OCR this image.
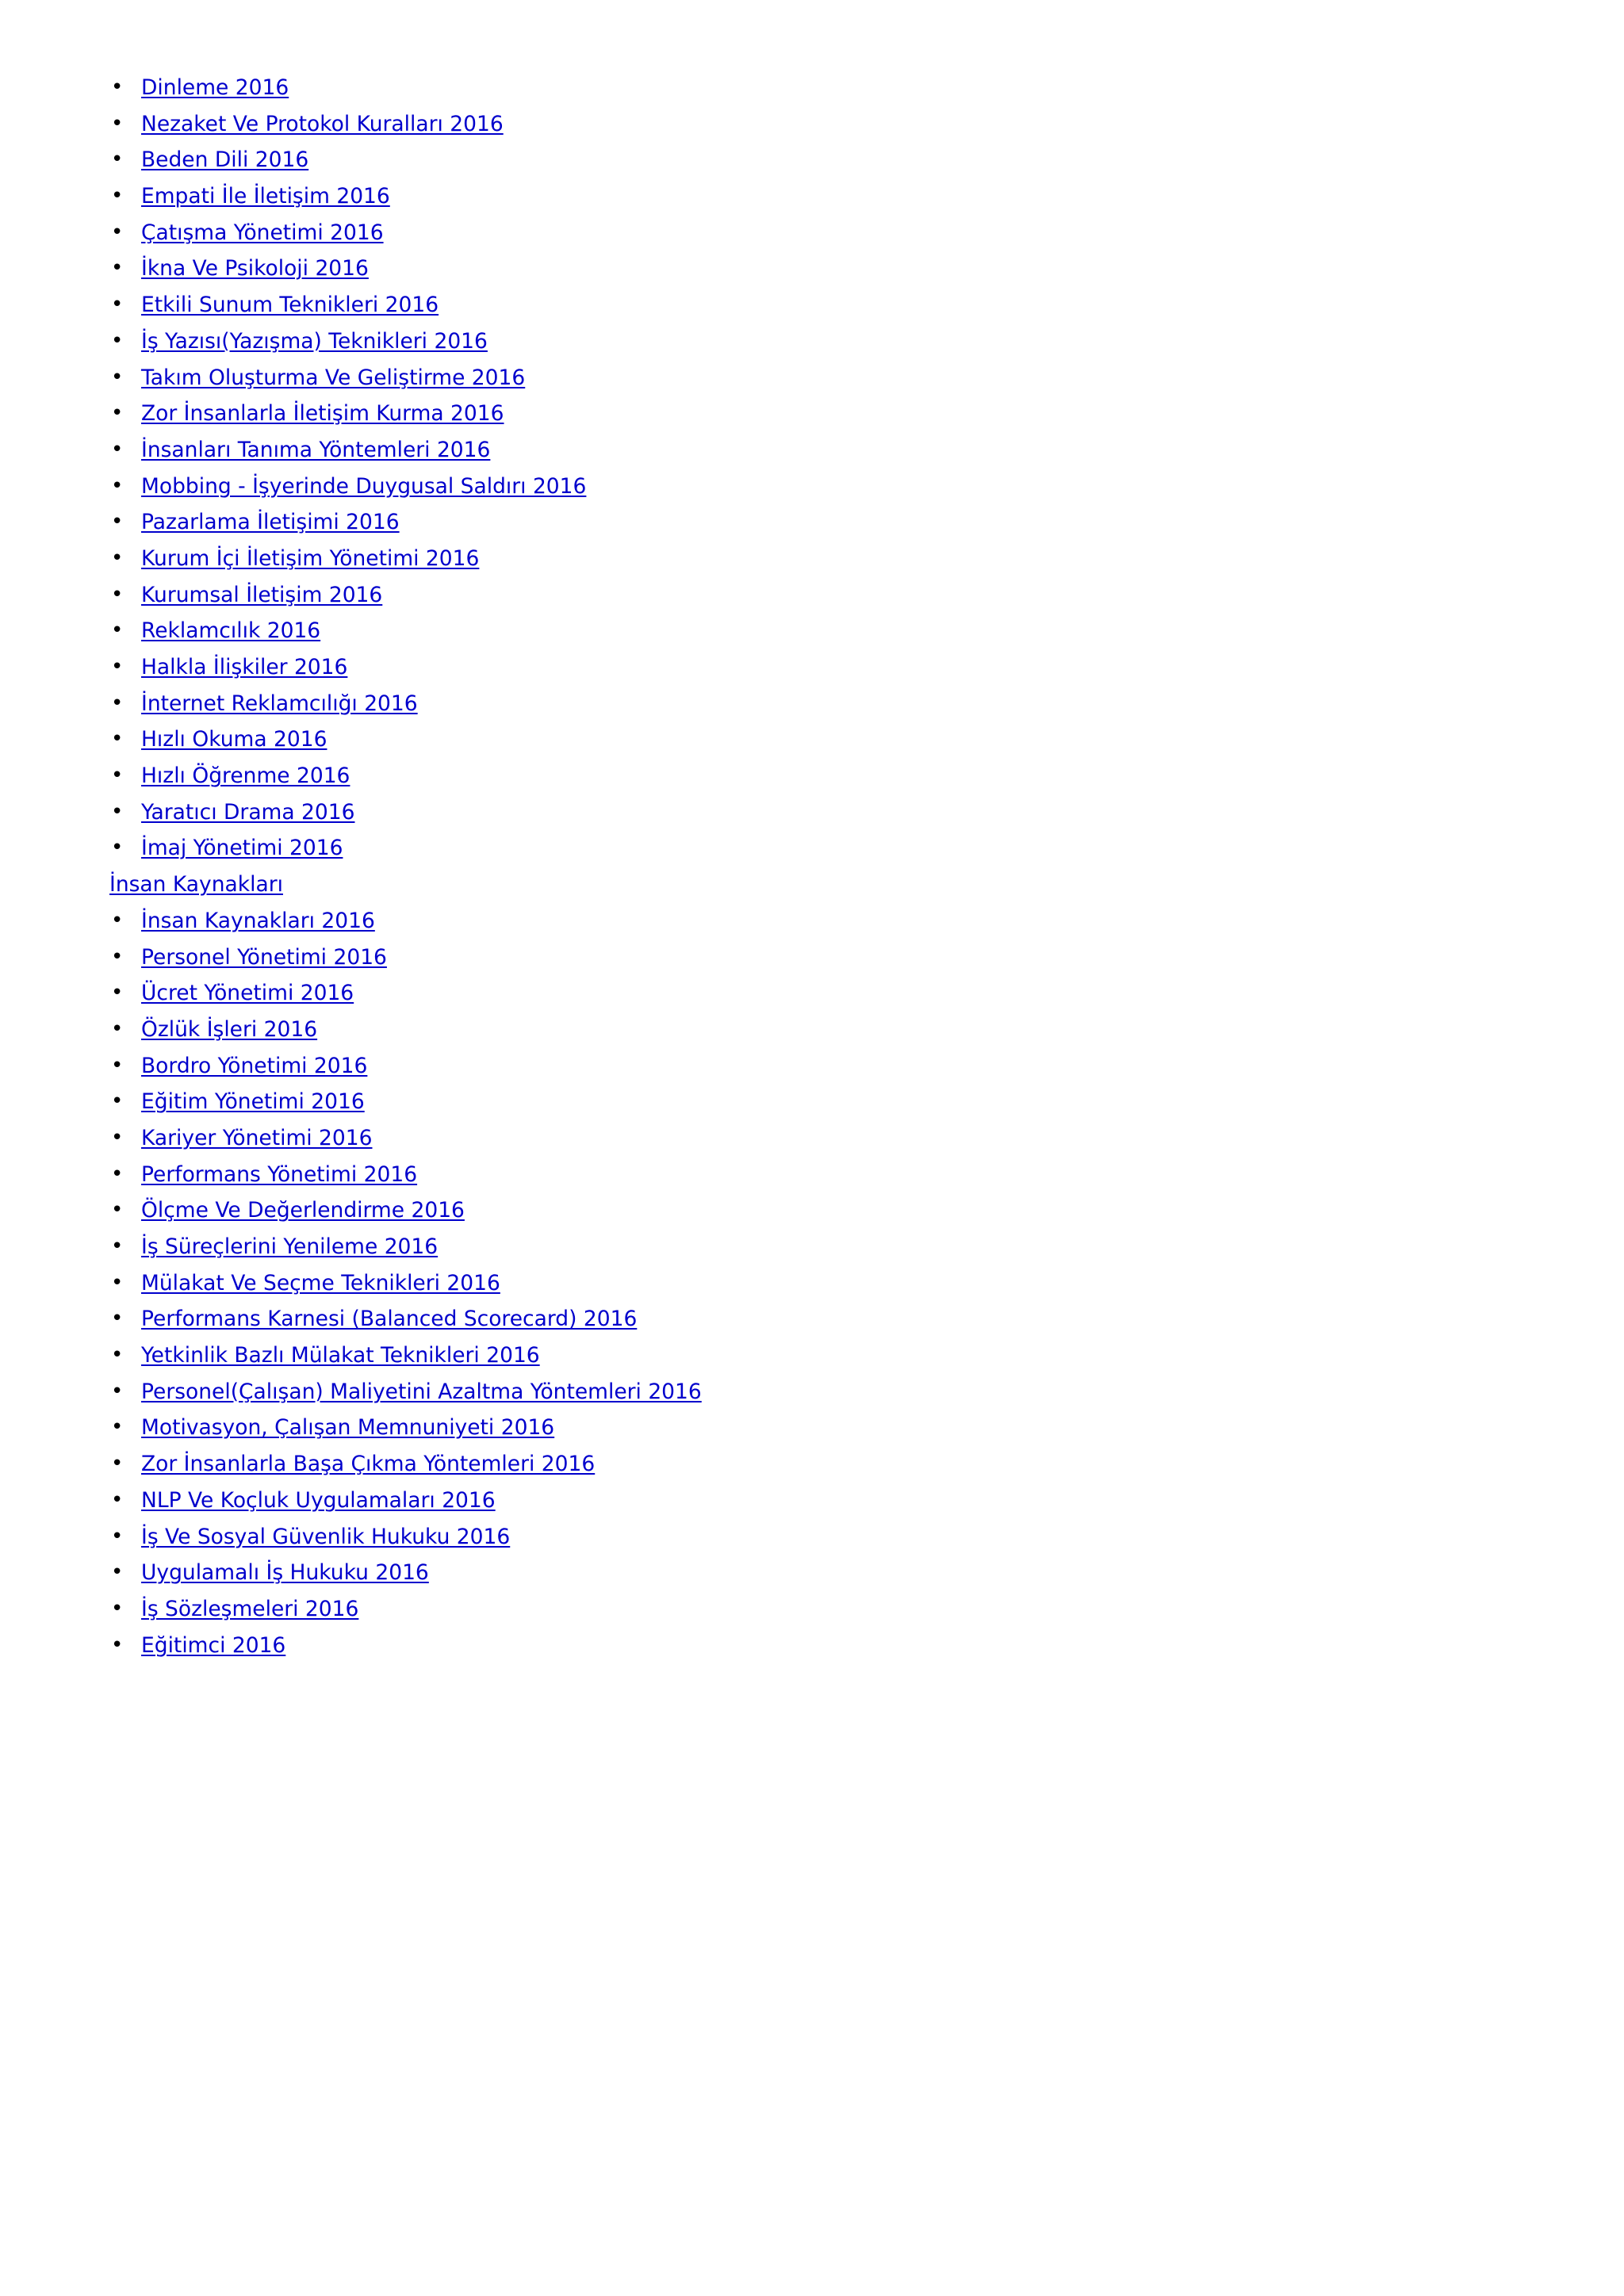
• Dinleme 2016
• Nezaket Ve Protokol Kuralları 2016
• Beden Dili 2016
• Empati İle İletişim 2016
• Çatışma Yönetimi 2016
• İkna Ve Psikoloji 2016
• Etkili Sunum Teknikleri 2016
• İş Yazısı(Yazışma) Teknikleri 2016
• Takım Oluşturma Ve Geliştirme 2016
• Zor İnsanlarla İletişim Kurma 2016
• İnsanları Tanıma Yöntemleri 2016
• Mobbing - İşyerinde Duygusal Saldırı 2016
• Pazarlama İletişimi 2016
• Kurum İçi İletişim Yönetimi 2016
• Kurumsal İletişim 2016
• Reklamcılık 2016
• Halkla İlişkiler 2016
• İnternet Reklamcılığı 2016
• Hızlı Okuma 2016
• Hızlı Öğrenme 2016
• Yaratıcı Drama 2016
• İmaj Yönetimi 2016
İnsan Kaynakları
• İnsan Kaynakları 2016
• Personel Yönetimi 2016
• Ücret Yönetimi 2016
• Özlük İşleri 2016
• Bordro Yönetimi 2016
• Eğitim Yönetimi 2016
• Kariyer Yönetimi 2016
• Performans Yönetimi 2016
• Ölçme Ve Değerlendirme 2016
• İş Süreçlerini Yenileme 2016
• Mülakat Ve Seçme Teknikleri 2016
• Performans Karnesi (Balanced Scorecard) 2016
• Yetkinlik Bazlı Mülakat Teknikleri 2016
• Personel(Çalışan) Maliyetini Azaltma Yöntemleri 2016
• Motivasyon, Çalışan Memnuniyeti 2016
• Zor İnsanlarla Başa Çıkma Yöntemleri 2016
• NLP Ve Koçluk Uygulamaları 2016
• İş Ve Sosyal Güvenlik Hukuku 2016
• Uygulamalı İş Hukuku 2016
• İş Sözleşmeleri 2016
• Eğitimci 2016
